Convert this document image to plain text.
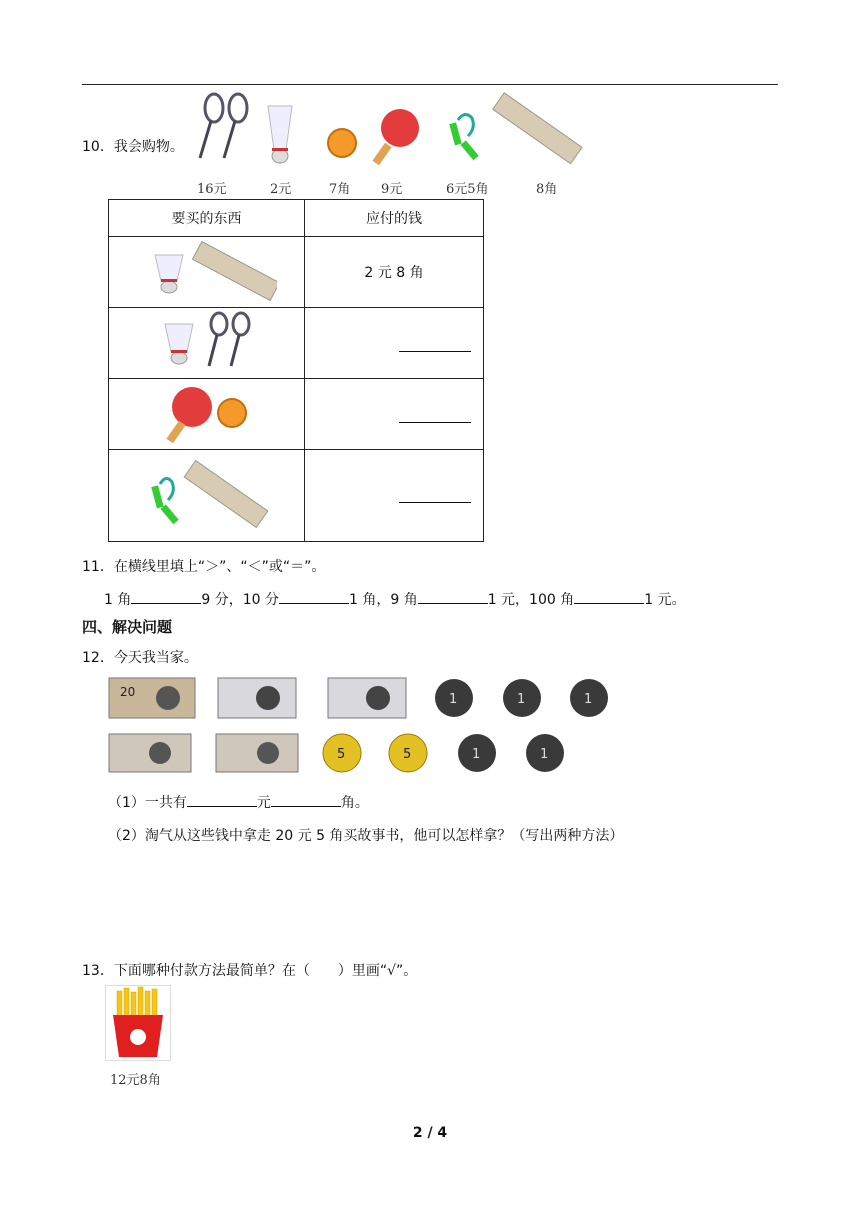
10．我会购物。
16元	2元	7角 9元	6元5角	8角
要买的东西	应付的钱
	2 元 8 角

11．在横线里填上“＞”、“＜”或“＝”。
1 角	9 分，10 分	1 角，9 角	1 元，100 角	1 元。
四、解决问题
12．今天我当家。
20	1	1	1
5	5	1	1
（1）一共有	元	角。
（2）淘气从这些钱中拿走 20 元 5 角买故事书，他可以怎样拿？（写出两种方法）
13．下面哪种付款方法最简单？在（　　）里画“√”。
12元8角
2 / 4
